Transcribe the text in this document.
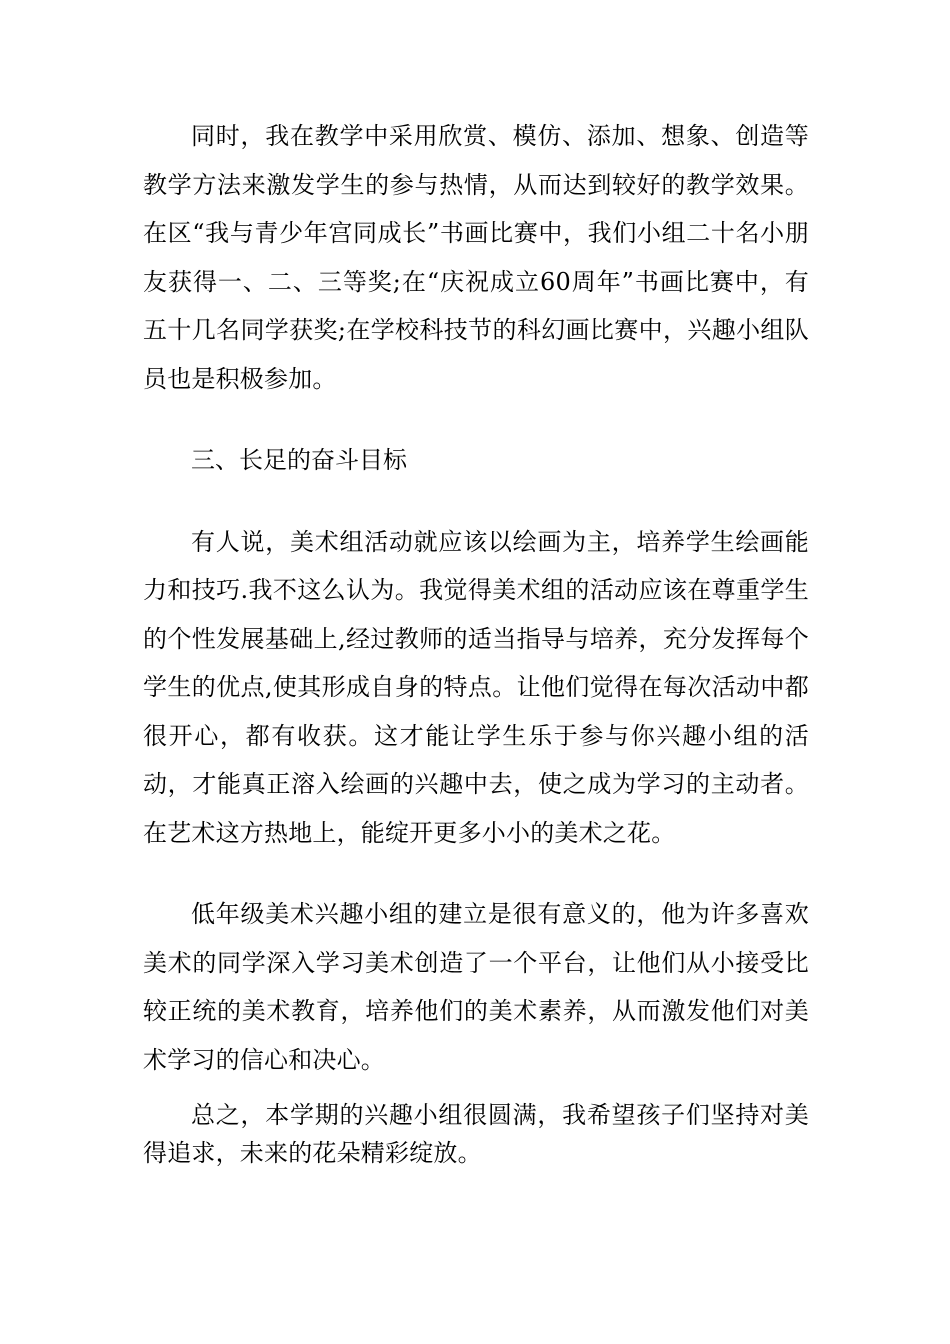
同时，我在教学中采用欣赏、模仿、添加、想象、创造等教学方法来激发学生的参与热情，从而达到较好的教学效果。在区“我与青少年宫同成长”书画比赛中，我们小组二十名小朋友获得一、二、三等奖;在“庆祝成立60周年”书画比赛中，有五十几名同学获奖;在学校科技节的科幻画比赛中，兴趣小组队员也是积极参加。

三、长足的奋斗目标

有人说，美术组活动就应该以绘画为主，培养学生绘画能力和技巧.我不这么认为。我觉得美术组的活动应该在尊重学生的个性发展基础上,经过教师的适当指导与培养，充分发挥每个学生的优点,使其形成自身的特点。让他们觉得在每次活动中都很开心，都有收获。这才能让学生乐于参与你兴趣小组的活动，才能真正溶入绘画的兴趣中去，使之成为学习的主动者。在艺术这方热地上，能绽开更多小小的美术之花。

低年级美术兴趣小组的建立是很有意义的，他为许多喜欢美术的同学深入学习美术创造了一个平台，让他们从小接受比较正统的美术教育，培养他们的美术素养，从而激发他们对美术学习的信心和决心。

总之，本学期的兴趣小组很圆满，我希望孩子们坚持对美得追求，未来的花朵精彩绽放。
